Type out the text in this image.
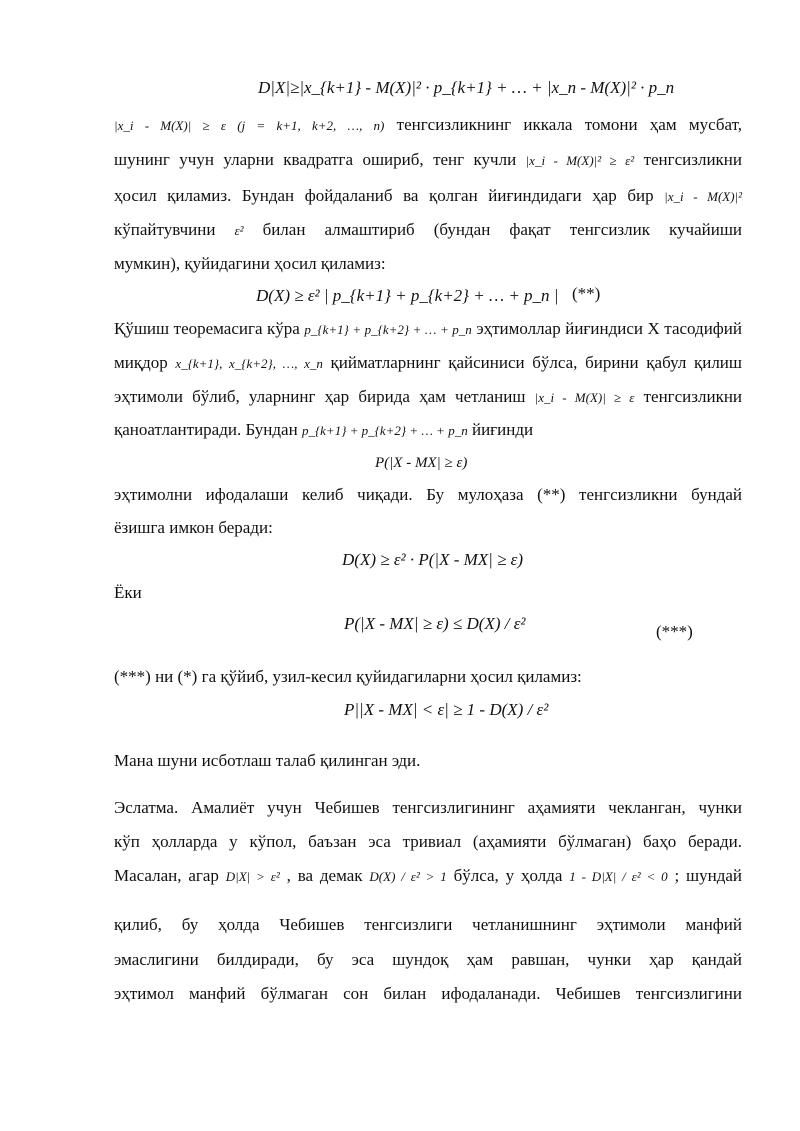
D|X|≥|x_{k+1} - M(X)|² · p_{k+1} + … + |x_n - M(X)|² · p_n
|x_i - M(X)| ≥ ε (j = k+1, k+2, …, n) тенгсизликнинг иккала томони ҳам мусбат,
шунинг учун уларни квадратга ошириб, тенг кучли |x_i - M(X)|² ≥ ε² тенгсизликни
ҳосил қиламиз. Бундан фойдаланиб ва қолган йиғиндидаги ҳар бир |x_i - M(X)|²
кўпайтувчини ε² билан алмаштириб (бундан фақат тенгсизлик кучайиши
мумкин), қуйидагини ҳосил қиламиз:
D(X) ≥ ε² | p_{k+1} + p_{k+2} + … + p_n | (**)
Қўшиш теоремасига кўра p_{k+1} + p_{k+2} + … + p_n эҳтимоллар йиғиндиси X тасодифий
миқдор x_{k+1}, x_{k+2}, …, x_n қийматларнинг қайсиниси бўлса, бирини қабул қилиш
эҳтимоли бўлиб, уларнинг ҳар бирида ҳам четланиш |x_i - M(X)| ≥ ε тенгсизликни
қаноатлантиради. Бундан p_{k+1} + p_{k+2} + … + p_n йиғинди
P(|X - MX| ≥ ε)
эҳтимолни ифодалаши келиб чиқади. Бу мулоҳаза (**) тенгсизликни бундай
ёзишга имкон беради:
D(X) ≥ ε² · P(|X - MX| ≥ ε)
Ёки
P(|X - MX| ≥ ε) ≤ D(X) / ε²	(***)
(***) ни (*) га қўйиб, узил-кесил қуйидагиларни ҳосил қиламиз:
P||X - MX| < ε| ≥ 1 - D(X) / ε²
Мана шуни исботлаш талаб қилинган эди.
Эслатма. Амалиёт учун Чебишев тенгсизлигининг аҳамияти чекланган, чунки
кўп ҳолларда у кўпол, баъзан эса тривиал (аҳамияти бўлмаган) баҳо беради.
Масалан, агар D|X| > ε² , ва демак D(X) / ε² > 1 бўлса, у ҳолда 1 - D|X| / ε² < 0 ; шундай
қилиб, бу ҳолда Чебишев тенгсизлиги четланишнинг эҳтимоли манфий
эмаслигини билдиради, бу эса шундоқ ҳам равшан, чунки ҳар қандай
эҳтимол манфий бўлмаган сон билан ифодаланади. Чебишев тенгсизлигини
